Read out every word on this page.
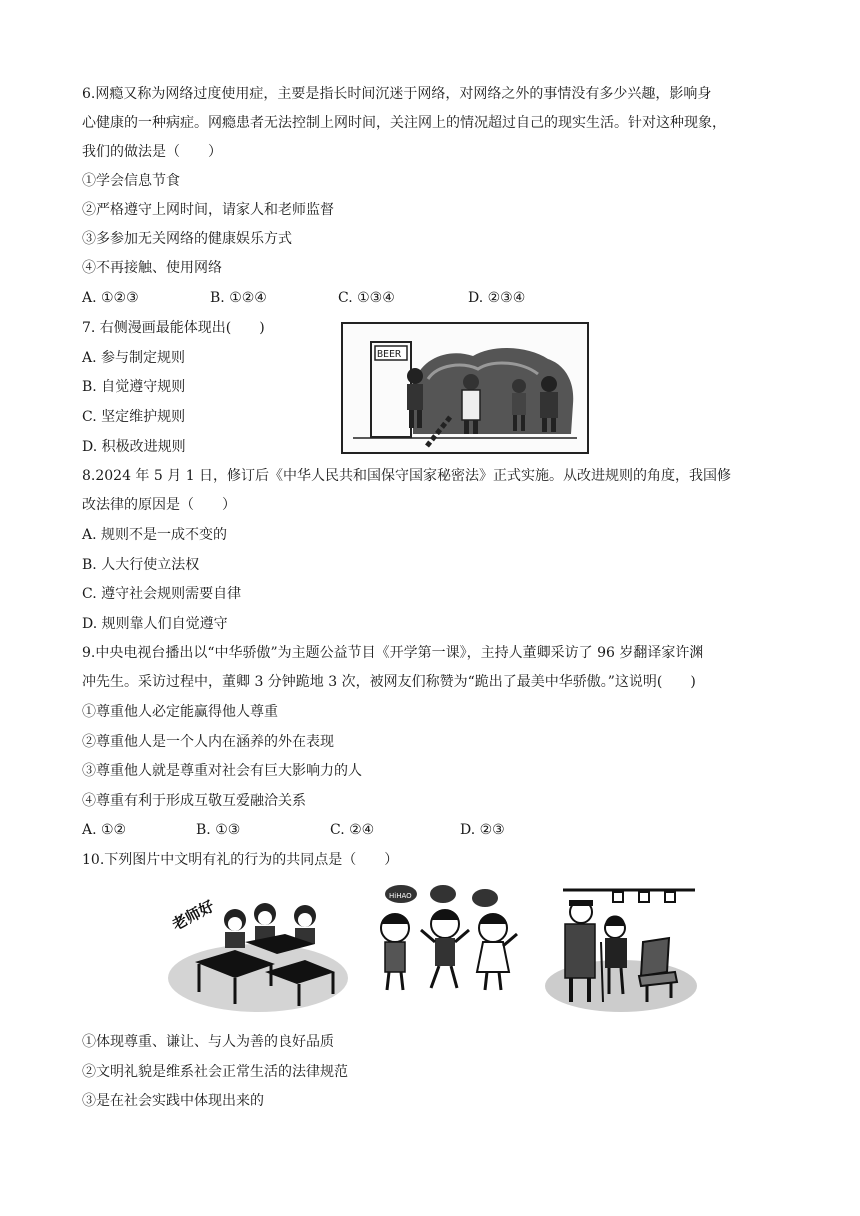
6.网瘾又称为网络过度使用症，主要是指长时间沉迷于网络，对网络之外的事情没有多少兴趣，影响身
心健康的一种病症。网瘾患者无法控制上网时间，关注网上的情况超过自己的现实生活。针对这种现象，
我们的做法是（　　）
①学会信息节食
②严格遵守上网时间，请家人和老师监督
③多参加无关网络的健康娱乐方式
④不再接触、使用网络
A. ①②③	B. ①②④	C. ①③④	D. ②③④
7. 右侧漫画最能体现出(　　)
A. 参与制定规则
B. 自觉遵守规则
C. 坚定维护规则
D. 积极改进规则
BEER
8.2024 年 5 月 1 日，修订后《中华人民共和国保守国家秘密法》正式实施。从改进规则的角度，我国修
改法律的原因是（　　）
A. 规则不是一成不变的
B. 人大行使立法权
C. 遵守社会规则需要自律
D. 规则靠人们自觉遵守
9.中央电视台播出以“中华骄傲”为主题公益节目《开学第一课》，主持人董卿采访了 96 岁翻译家许渊
冲先生。采访过程中，董卿 3 分钟跪地 3 次，被网友们称赞为“跪出了最美中华骄傲。”这说明(　　)
①尊重他人必定能赢得他人尊重
②尊重他人是一个人内在涵养的外在表现
③尊重他人就是尊重对社会有巨大影响力的人
④尊重有利于形成互敬互爱融洽关系
A. ①②	B. ①③	C. ②④	D. ②③
10.下列图片中文明有礼的行为的共同点是（　　）
老师好
HiHAO
①体现尊重、谦让、与人为善的良好品质
②文明礼貌是维系社会正常生活的法律规范
③是在社会实践中体现出来的
